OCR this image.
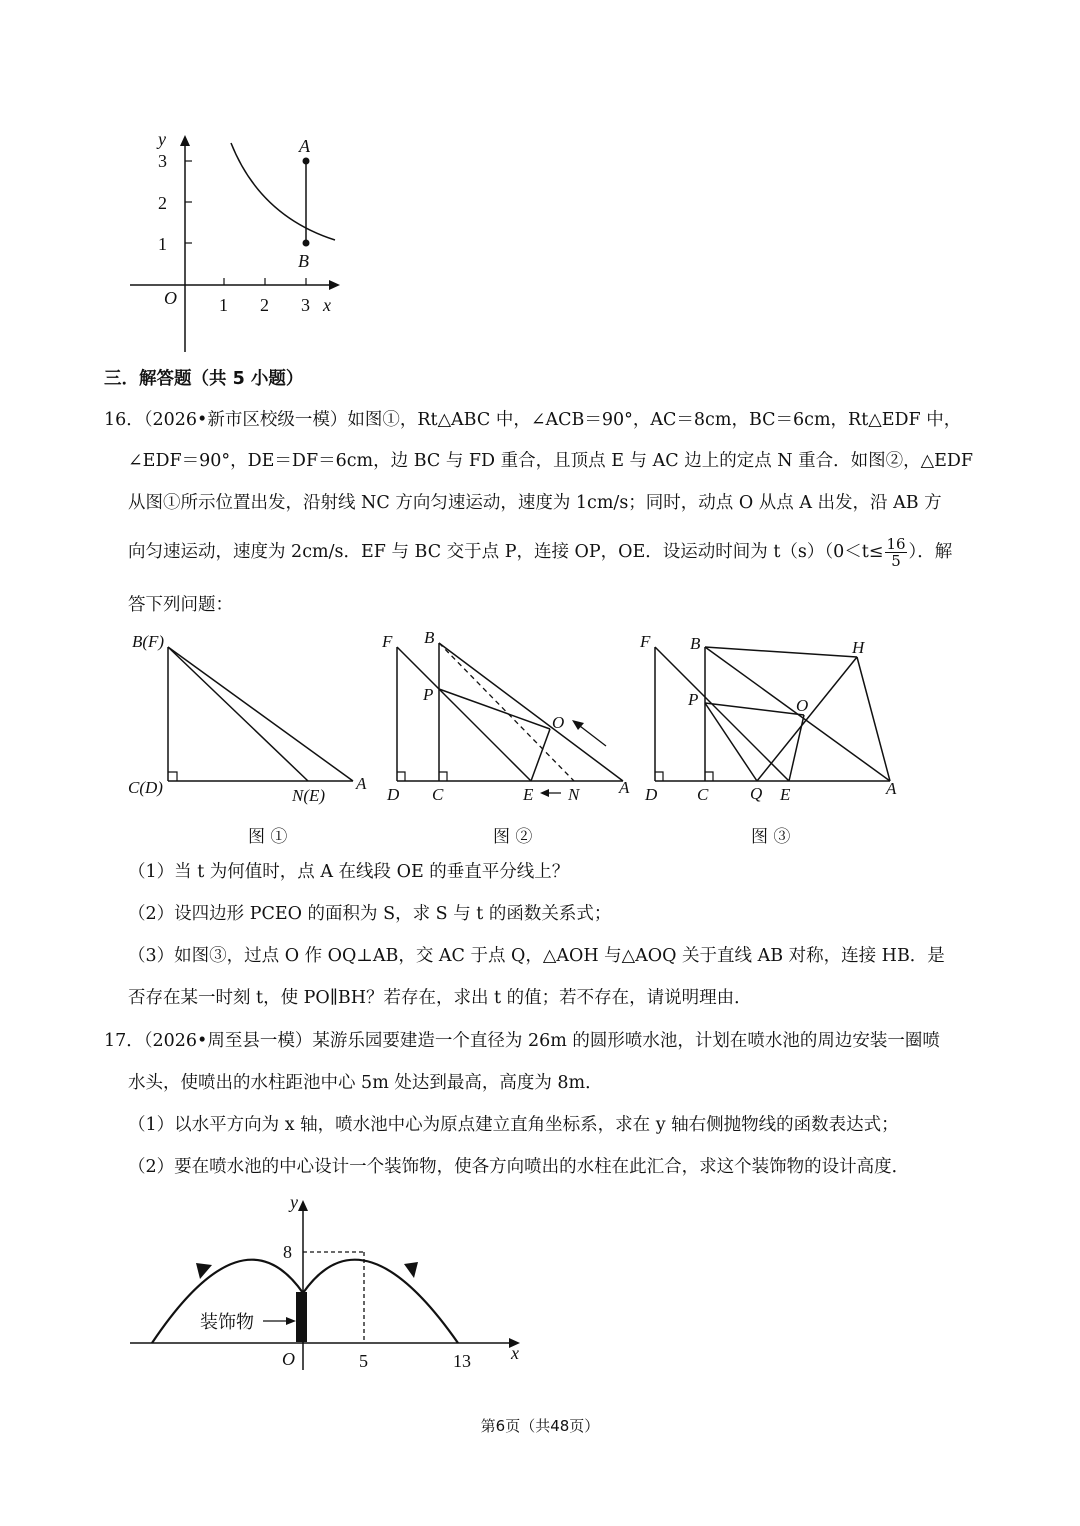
y
3
2
1
O 1 2 3 x
A
B
三．解答题（共 5 小题）
16．（2026•新市区校级一模）如图①，Rt△ABC 中，∠ACB＝90°，AC＝8cm，BC＝6cm，Rt△EDF 中，
∠EDF＝90°，DE＝DF＝6cm，边 BC 与 FD 重合，且顶点 E 与 AC 边上的定点 N 重合．如图②，△EDF
从图①所示位置出发，沿射线 NC 方向匀速运动，速度为 1cm/s；同时，动点 O 从点 A 出发，沿 AB 方
向匀速运动，速度为 2cm/s．EF 与 BC 交于点 P，连接 OP，OE．设运动时间为 $t(s)(0<t\le \frac{16}{5}$ ）．解
答下列问题：
B(F)
C(D)	N(E)
A
图 ①
F B
P
O
D C	E N A
图 ②
F B	H
P	O
D C Q E	A
图 ③
（1）当 t 为何值时，点 A 在线段 OE 的垂直平分线上？
（2）设四边形 PCEO 的面积为 S，求 S 与 t 的函数关系式；
（3）如图③，过点 O 作 OQ⊥AB，交 AC 于点 Q，△AOH 与△AOQ 关于直线 AB 对称，连接 HB．是
否存在某一时刻 t，使 PO∥BH？若存在，求出 t 的值；若不存在，请说明理由．
17．（2026•周至县一模）某游乐园要建造一个直径为 26m 的圆形喷水池，计划在喷水池的周边安装一圈喷
水头，使喷出的水柱距池中心 5m 处达到最高，高度为 8m．
（1）以水平方向为 x 轴，喷水池中心为原点建立直角坐标系，求在 y 轴右侧抛物线的函数表达式；
（2）要在喷水池的中心设计一个装饰物，使各方向喷出的水柱在此汇合，求这个装饰物的设计高度．
y
8
O	5	13 x
装饰物
第6页（共48页）
